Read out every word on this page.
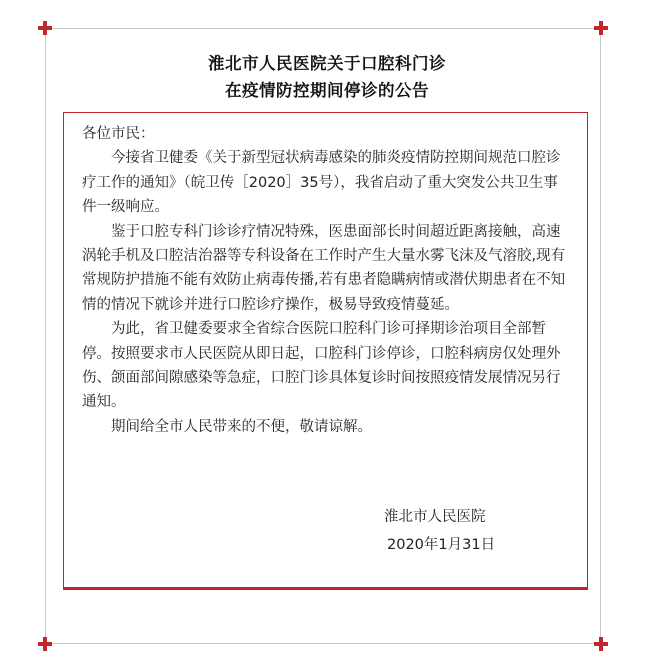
淮北市人民医院关于口腔科门诊
在疫情防控期间停诊的公告

各位市民：

今接省卫健委《关于新型冠状病毒感染的肺炎疫情防控期间规范口腔诊疗工作的通知》（皖卫传［2020］35号），我省启动了重大突发公共卫生事件一级响应。

鉴于口腔专科门诊诊疗情况特殊，医患面部长时间超近距离接触，高速涡轮手机及口腔洁治器等专科设备在工作时产生大量水雾飞沫及气溶胶,现有常规防护措施不能有效防止病毒传播,若有患者隐瞒病情或潜伏期患者在不知情的情况下就诊并进行口腔诊疗操作，极易导致疫情蔓延。

为此，省卫健委要求全省综合医院口腔科门诊可择期诊治项目全部暂停。按照要求市人民医院从即日起，口腔科门诊停诊，口腔科病房仅处理外伤、颌面部间隙感染等急症，口腔门诊具体复诊时间按照疫情发展情况另行通知。

期间给全市人民带来的不便，敬请谅解。

淮北市人民医院
2020年1月31日
